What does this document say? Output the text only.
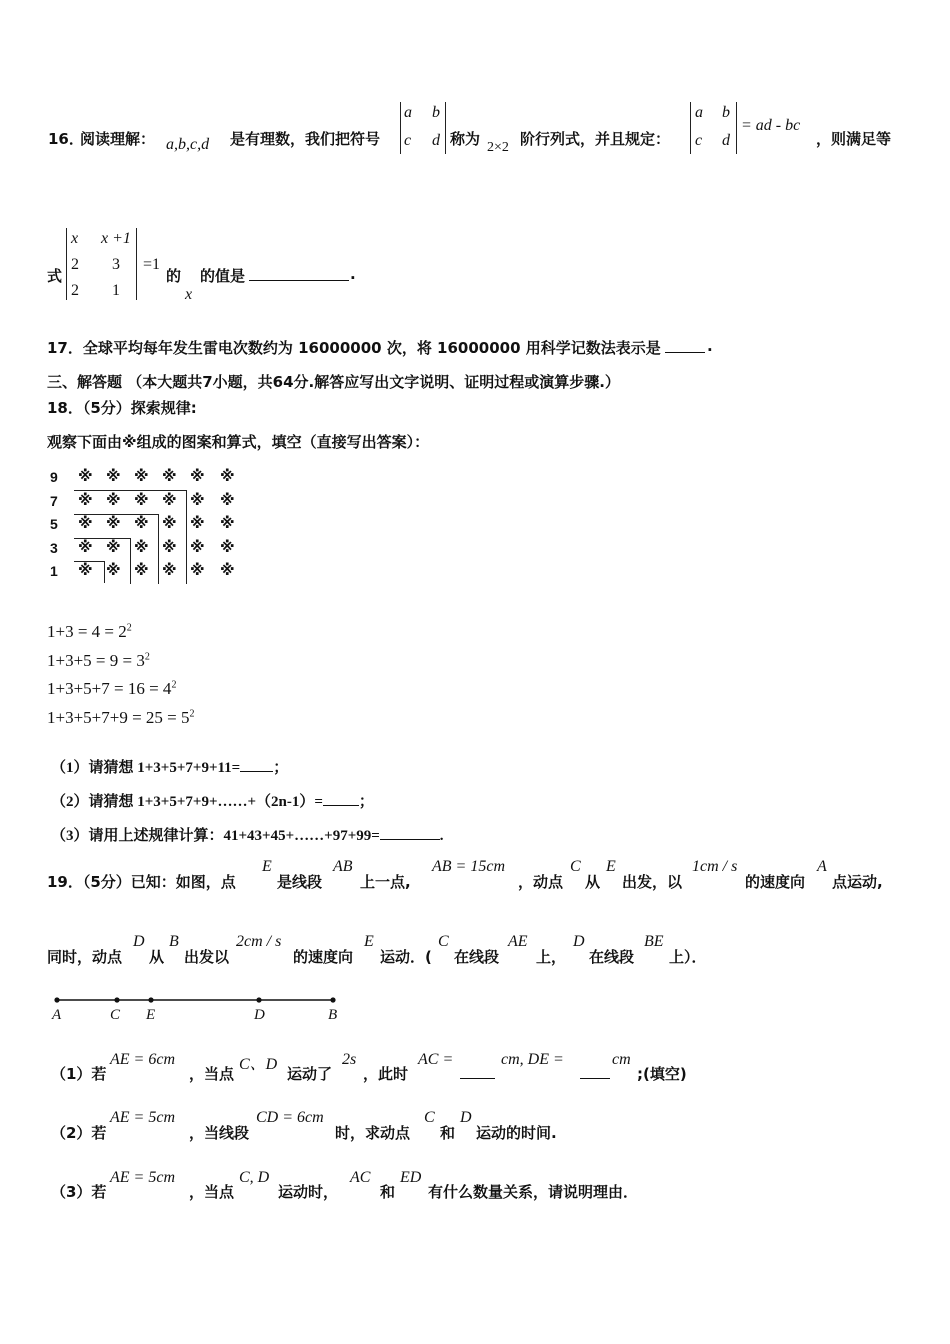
16．
阅读理解： a,b,c,d 是有理数，我们把符号
a b
c d 称为 2×2 阶行列式，并且规定：
a b
c d
= ad - bc
，则满足等
式
x x +1
2 3
2 1
=1
的
x
的值是	.
17．全球平均每年发生雷电次数约为 16000000 次，将 16000000 用科学记数法表示是	.
三、解答题 （本大题共7小题，共64分.解答应写出文字说明、证明过程或演算步骤.）
18．（5分）探索规律:
观察下面由※组成的图案和算式，填空（直接写出答案）：
9
7
5
3
1
※ ※ ※ ※ ※ ※
※ ※ ※ ※ ※ ※
※ ※ ※ ※ ※ ※
※ ※ ※ ※ ※ ※
※ ※ ※ ※ ※ ※
$1+3 = 4 = 2^2$
$1+3+5 = 9 = 3^2$
$1+3+5+7 = 16 = 4^2$
$1+3+5+7+9 = 25 = 5^2$
（1）请猜想 1+3+5+7+9+11= ；
（2）请猜想 1+3+5+7+9+……+（2n-1）= ；
（3）请用上述规律计算：41+43+45+……+97+99=	.
19．（5分）已知：如图，点
E
是线段
AB
上一点,
AB = 15cm
，动点
C
从
E
出发，以
1cm / s
的速度向
A
点运动,
同时，动点
D
从
B
出发以
2cm / s
的速度向
E
运动．(
C
在线段
AE
上，
D
在线段
BE
上）．
A	C E	D	B
（1）若
AE = 6cm
，当点
C、D
运动了
2s
，此时
AC =	cm, DE =	cm
;(填空)
（2）若
AE = 5cm
，当线段
CD = 6cm
时，求动点
C
和
D
运动的时间.
（3）若
AE = 5cm
，当点
C, D
运动时，
AC
和
ED
有什么数量关系，请说明理由．
